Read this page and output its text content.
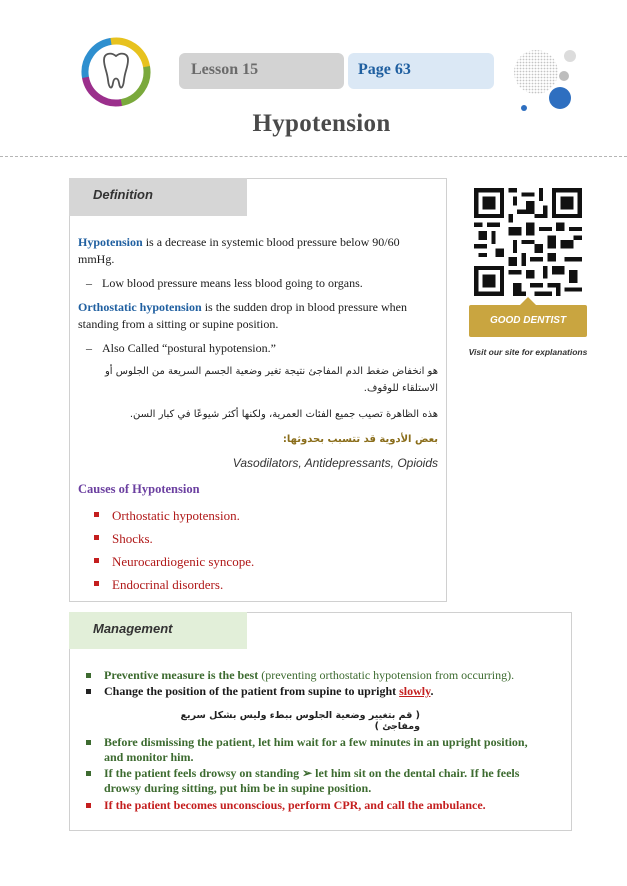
Lesson 15	Page 63
Hypotension
Definition
Hypotension is a decrease in systemic blood pressure below 90/60 mmHg.
– Low blood pressure means less blood going to organs.
Orthostatic hypotension is the sudden drop in blood pressure when standing from a sitting or supine position.
– Also Called “postural hypotension.”
هو انخفاض ضغط الدم المفاجئ نتيجة تغير وضعية الجسم السريعة من الجلوس أو الاستلقاء للوقوف.
هذه الظاهرة تصيب جميع الفئات العمرية، ولكنها أكثر شيوعًا في كبار السن.
بعض الأدوية قد تتسبب بحدوثها:
Vasodilators, Antidepressants, Opioids
Causes of Hypotension
Orthostatic hypotension.
Shocks.
Neurocardiogenic syncope.
Endocrinal disorders.
GOOD DENTIST
Visit our site for explanations
Management
Preventive measure is the best (preventing orthostatic hypotension from occurring).
Change the position of the patient from supine to upright slowly.
( قم بتغيير وضعية الجلوس ببطء وليس بشكل سريع ومفاجئ )
Before dismissing the patient, let him wait for a few minutes in an upright position, and monitor him.
If the patient feels drowsy on standing ➢ let him sit on the dental chair. If he feels drowsy during sitting, put him be in supine position.
If the patient becomes unconscious, perform CPR, and call the ambulance.
